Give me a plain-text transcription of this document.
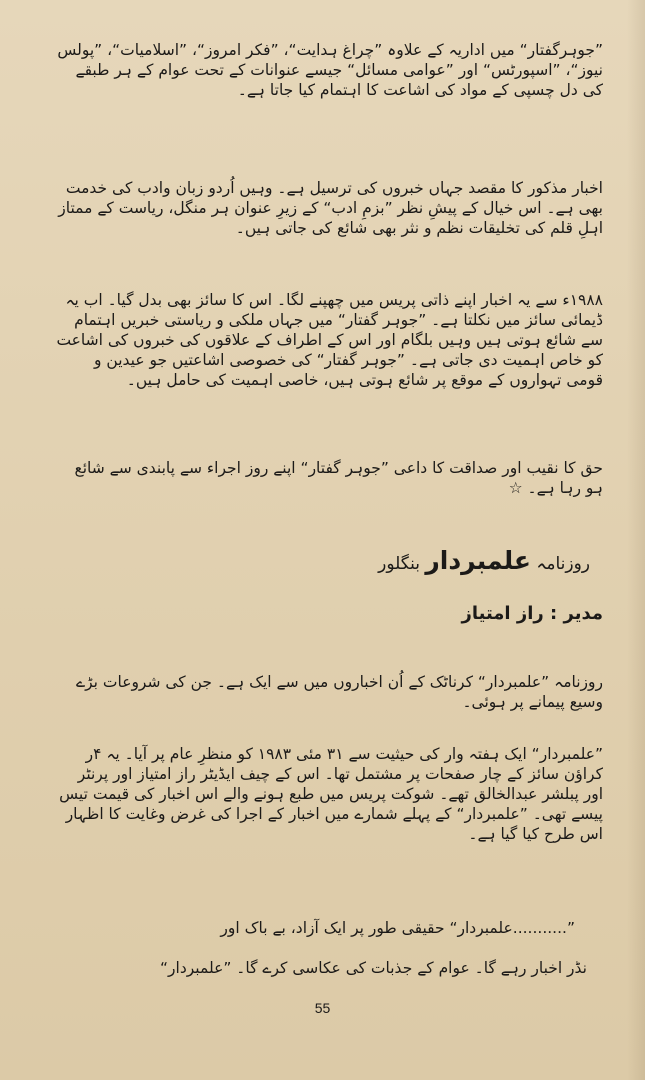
”جوہرگفتار“ میں اداریہ کے علاوہ ”چراغ ہدایت“، ”فکر امروز“، ”اسلامیات“، ”پولس نیوز“، ”اسپورٹس“ اور ”عوامی مسائل“ جیسے عنوانات کے تحت عوام کے ہر طبقے کی دل چسپی کے مواد کی اشاعت کا اہتمام کیا جاتا ہے۔

اخبار مذکور کا مقصد جہاں خبروں کی ترسیل ہے۔ وہیں اُردو زبان وادب کی خدمت بھی ہے۔ اس خیال کے پیشِ نظر ”بزمِ ادب“ کے زیرِ عنوان ہر منگل، ریاست کے ممتاز اہلِ قلم کی تخلیقات نظم و نثر بھی شائع کی جاتی ہیں۔

۱۹۸۸ء سے یہ اخبار اپنے ذاتی پریس میں چھپنے لگا۔ اس کا سائز بھی بدل گیا۔ اب یہ ڈیمائی سائز میں نکلتا ہے۔ ”جوہر گفتار“ میں جہاں ملکی و ریاستی خبریں اہتمام سے شائع ہوتی ہیں وہیں بلگام اور اس کے اطراف کے علاقوں کی خبروں کی اشاعت کو خاص اہمیت دی جاتی ہے۔ ”جوہر گفتار“ کی خصوصی اشاعتیں جو عیدین و قومی تہواروں کے موقع پر شائع ہوتی ہیں، خاصی اہمیت کی حامل ہیں۔

حق کا نقیب اور صداقت کا داعی ”جوہر گفتار“ اپنے روز اجراء سے پابندی سے شائع ہو رہا ہے۔ ☆

روزنامہ علمبردار بنگلور

مدیر : راز امتیاز

روزنامہ ”علمبردار“ کرناٹک کے اُن اخباروں میں سے ایک ہے۔ جن کی شروعات بڑے وسیع پیمانے پر ہوئی۔

”علمبردار“ ایک ہفتہ وار کی حیثیت سے ۳۱ مئی ۱۹۸۳ کو منظرِ عام پر آیا۔ یہ ۴ر کراؤن سائز کے چار صفحات پر مشتمل تھا۔ اس کے چیف ایڈیٹر راز امتیاز اور پرنٹر اور پبلشر عبدالخالق تھے۔ شوکت پریس میں طبع ہونے والے اس اخبار کی قیمت تیس پیسے تھی۔ ”علمبردار“ کے پہلے شمارے میں اخبار کے اجرا کی غرض وغایت کا اظہار اس طرح کیا گیا ہے۔

”...........علمبردار“ حقیقی طور پر ایک آزاد، بے باک اور

نڈر اخبار رہے گا۔ عوام کے جذبات کی عکاسی کرے گا۔ ”علمبردار“

55
